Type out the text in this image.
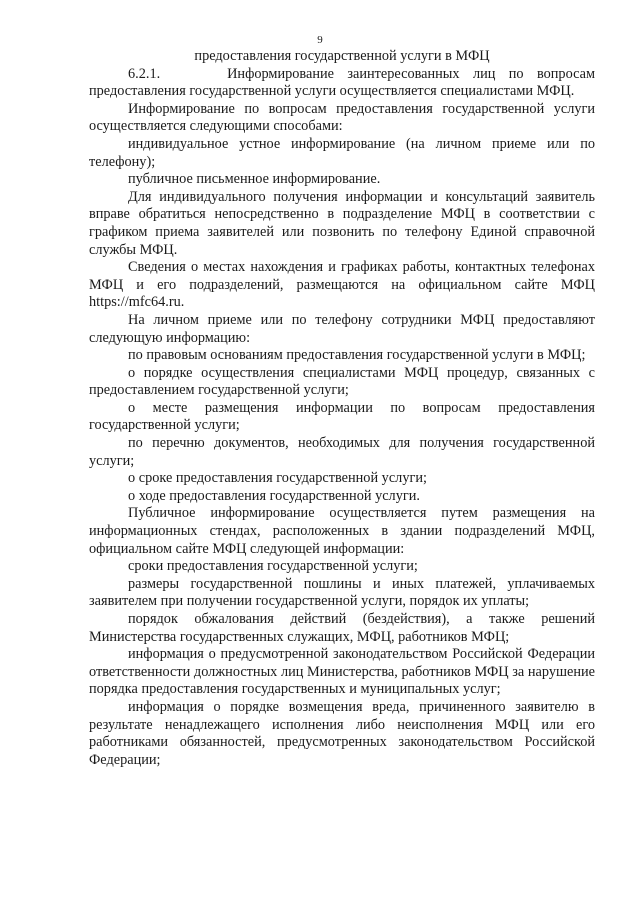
9

предоставления государственной услуги в МФЦ

6.2.1.     Информирование заинтересованных лиц по вопросам предоставления государственной услуги осуществляется специалистами МФЦ.

Информирование по вопросам предоставления государственной услуги осуществляется следующими способами:

индивидуальное устное информирование (на личном приеме или по телефону);

публичное письменное информирование.

Для индивидуального получения информации и консультаций заявитель вправе обратиться непосредственно в подразделение МФЦ в соответствии с графиком приема заявителей или позвонить по телефону Единой справочной службы МФЦ.

Сведения о местах нахождения и графиках работы, контактных телефонах МФЦ и его подразделений, размещаются на официальном сайте МФЦ https://mfc64.ru.

На личном приеме или по телефону сотрудники МФЦ предоставляют следующую информацию:

по правовым основаниям предоставления государственной услуги в МФЦ;

о порядке осуществления специалистами МФЦ процедур, связанных с предоставлением государственной услуги;

о месте размещения информации по вопросам предоставления государственной услуги;

по перечню документов, необходимых для получения государственной услуги;

о сроке предоставления государственной услуги;

о ходе предоставления государственной услуги.

Публичное информирование осуществляется путем размещения на информационных стендах, расположенных в здании подразделений МФЦ, официальном сайте МФЦ следующей информации:

сроки предоставления государственной услуги;

размеры государственной пошлины и иных платежей, уплачиваемых заявителем при получении государственной услуги, порядок их уплаты;

порядок обжалования действий (бездействия), а также решений Министерства государственных служащих, МФЦ, работников МФЦ;

информация о предусмотренной законодательством Российской Федерации ответственности должностных лиц Министерства, работников МФЦ за нарушение порядка предоставления государственных и муниципальных услуг;

информация о порядке возмещения вреда, причиненного заявителю в результате ненадлежащего исполнения либо неисполнения МФЦ или его работниками обязанностей, предусмотренных законодательством Российской Федерации;
